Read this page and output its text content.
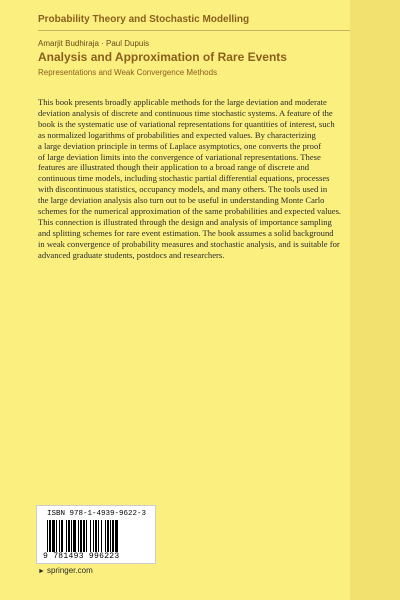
Probability Theory and Stochastic Modelling
Amarjit Budhiraja · Paul Dupuis
Analysis and Approximation of Rare Events
Representations and Weak Convergence Methods

This book presents broadly applicable methods for the large deviation and moderate
deviation analysis of discrete and continuous time stochastic systems. A feature of the
book is the systematic use of variational representations for quantities of interest, such
as normalized logarithms of probabilities and expected values. By characterizing
a large deviation principle in terms of Laplace asymptotics, one converts the proof
of large deviation limits into the convergence of variational representations. These
features are illustrated though their application to a broad range of discrete and
continuous time models, including stochastic partial differential equations, processes
with discontinuous statistics, occupancy models, and many others. The tools used in
the large deviation analysis also turn out to be useful in understanding Monte Carlo
schemes for the numerical approximation of the same probabilities and expected values.
This connection is illustrated through the design and analysis of importance sampling
and splitting schemes for rare event estimation. The book assumes a solid background
in weak convergence of probability measures and stochastic analysis, and is suitable for
advanced graduate students, postdocs and researchers.

ISBN 978-1-4939-9622-3
9 781493 996223
► springer.com
